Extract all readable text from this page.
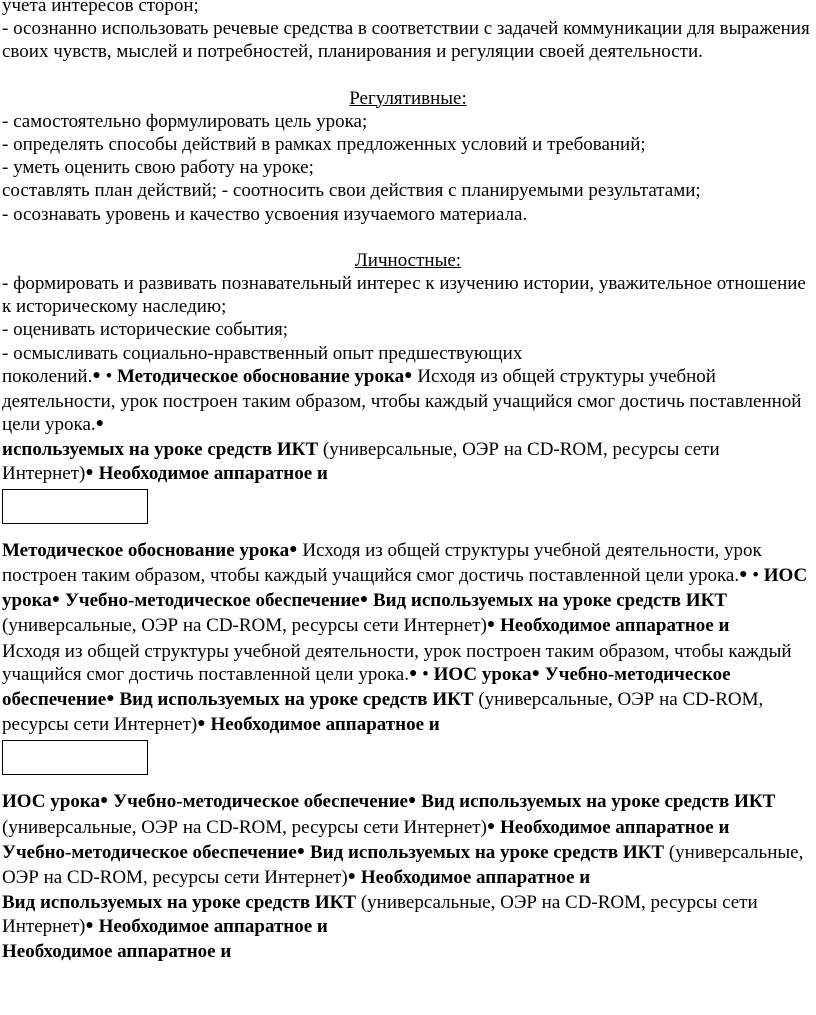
учета интересов сторон;

- осознанно использовать речевые средства в соответствии с задачей коммуникации для выражения своих чувств, мыслей и потребностей, планирования и регуляции своей деятельности.

Регулятивные:

- самостоятельно формулировать цель урока;

- определять способы действий в рамках предложенных условий и требований;

- уметь оценить свою работу на уроке;

составлять план действий; - соотносить свои действия с планируемыми результатами;

- осознавать уровень и качество усвоения изучаемого материала.

Личностные:

- формировать и развивать познавательный интерес к изучению истории, уважительное отношение к историческому наследию;

- оценивать исторические события;

- осмысливать социально-нравственный опыт предшествующих

поколений.● • Методическое обоснование урока● Исходя из общей структуры учебной деятельности, урок построен таким образом, чтобы каждый учащийся смог достичь поставленной цели урока.●

используемых на уроке средств ИКТ (универсальные, ОЭР на CD-ROM, ресурсы сети Интернет)● Необходимое аппаратное и

Методическое обоснование урока● Исходя из общей структуры учебной деятельности, урок построен таким образом, чтобы каждый учащийся смог достичь поставленной цели урока.● • ИОС урока● Учебно-методическое обеспечение● Вид используемых на уроке средств ИКТ (универсальные, ОЭР на CD-ROM, ресурсы сети Интернет)● Необходимое аппаратное и

Исходя из общей структуры учебной деятельности, урок построен таким образом, чтобы каждый учащийся смог достичь поставленной цели урока.● • ИОС урока● Учебно-методическое обеспечение● Вид используемых на уроке средств ИКТ (универсальные, ОЭР на CD-ROM, ресурсы сети Интернет)● Необходимое аппаратное и

ИОС урока● Учебно-методическое обеспечение● Вид используемых на уроке средств ИКТ (универсальные, ОЭР на CD-ROM, ресурсы сети Интернет)● Необходимое аппаратное и

Учебно-методическое обеспечение● Вид используемых на уроке средств ИКТ (универсальные, ОЭР на CD-ROM, ресурсы сети Интернет)● Необходимое аппаратное и

Вид используемых на уроке средств ИКТ (универсальные, ОЭР на CD-ROM, ресурсы сети Интернет)● Необходимое аппаратное и

Необходимое аппаратное и
